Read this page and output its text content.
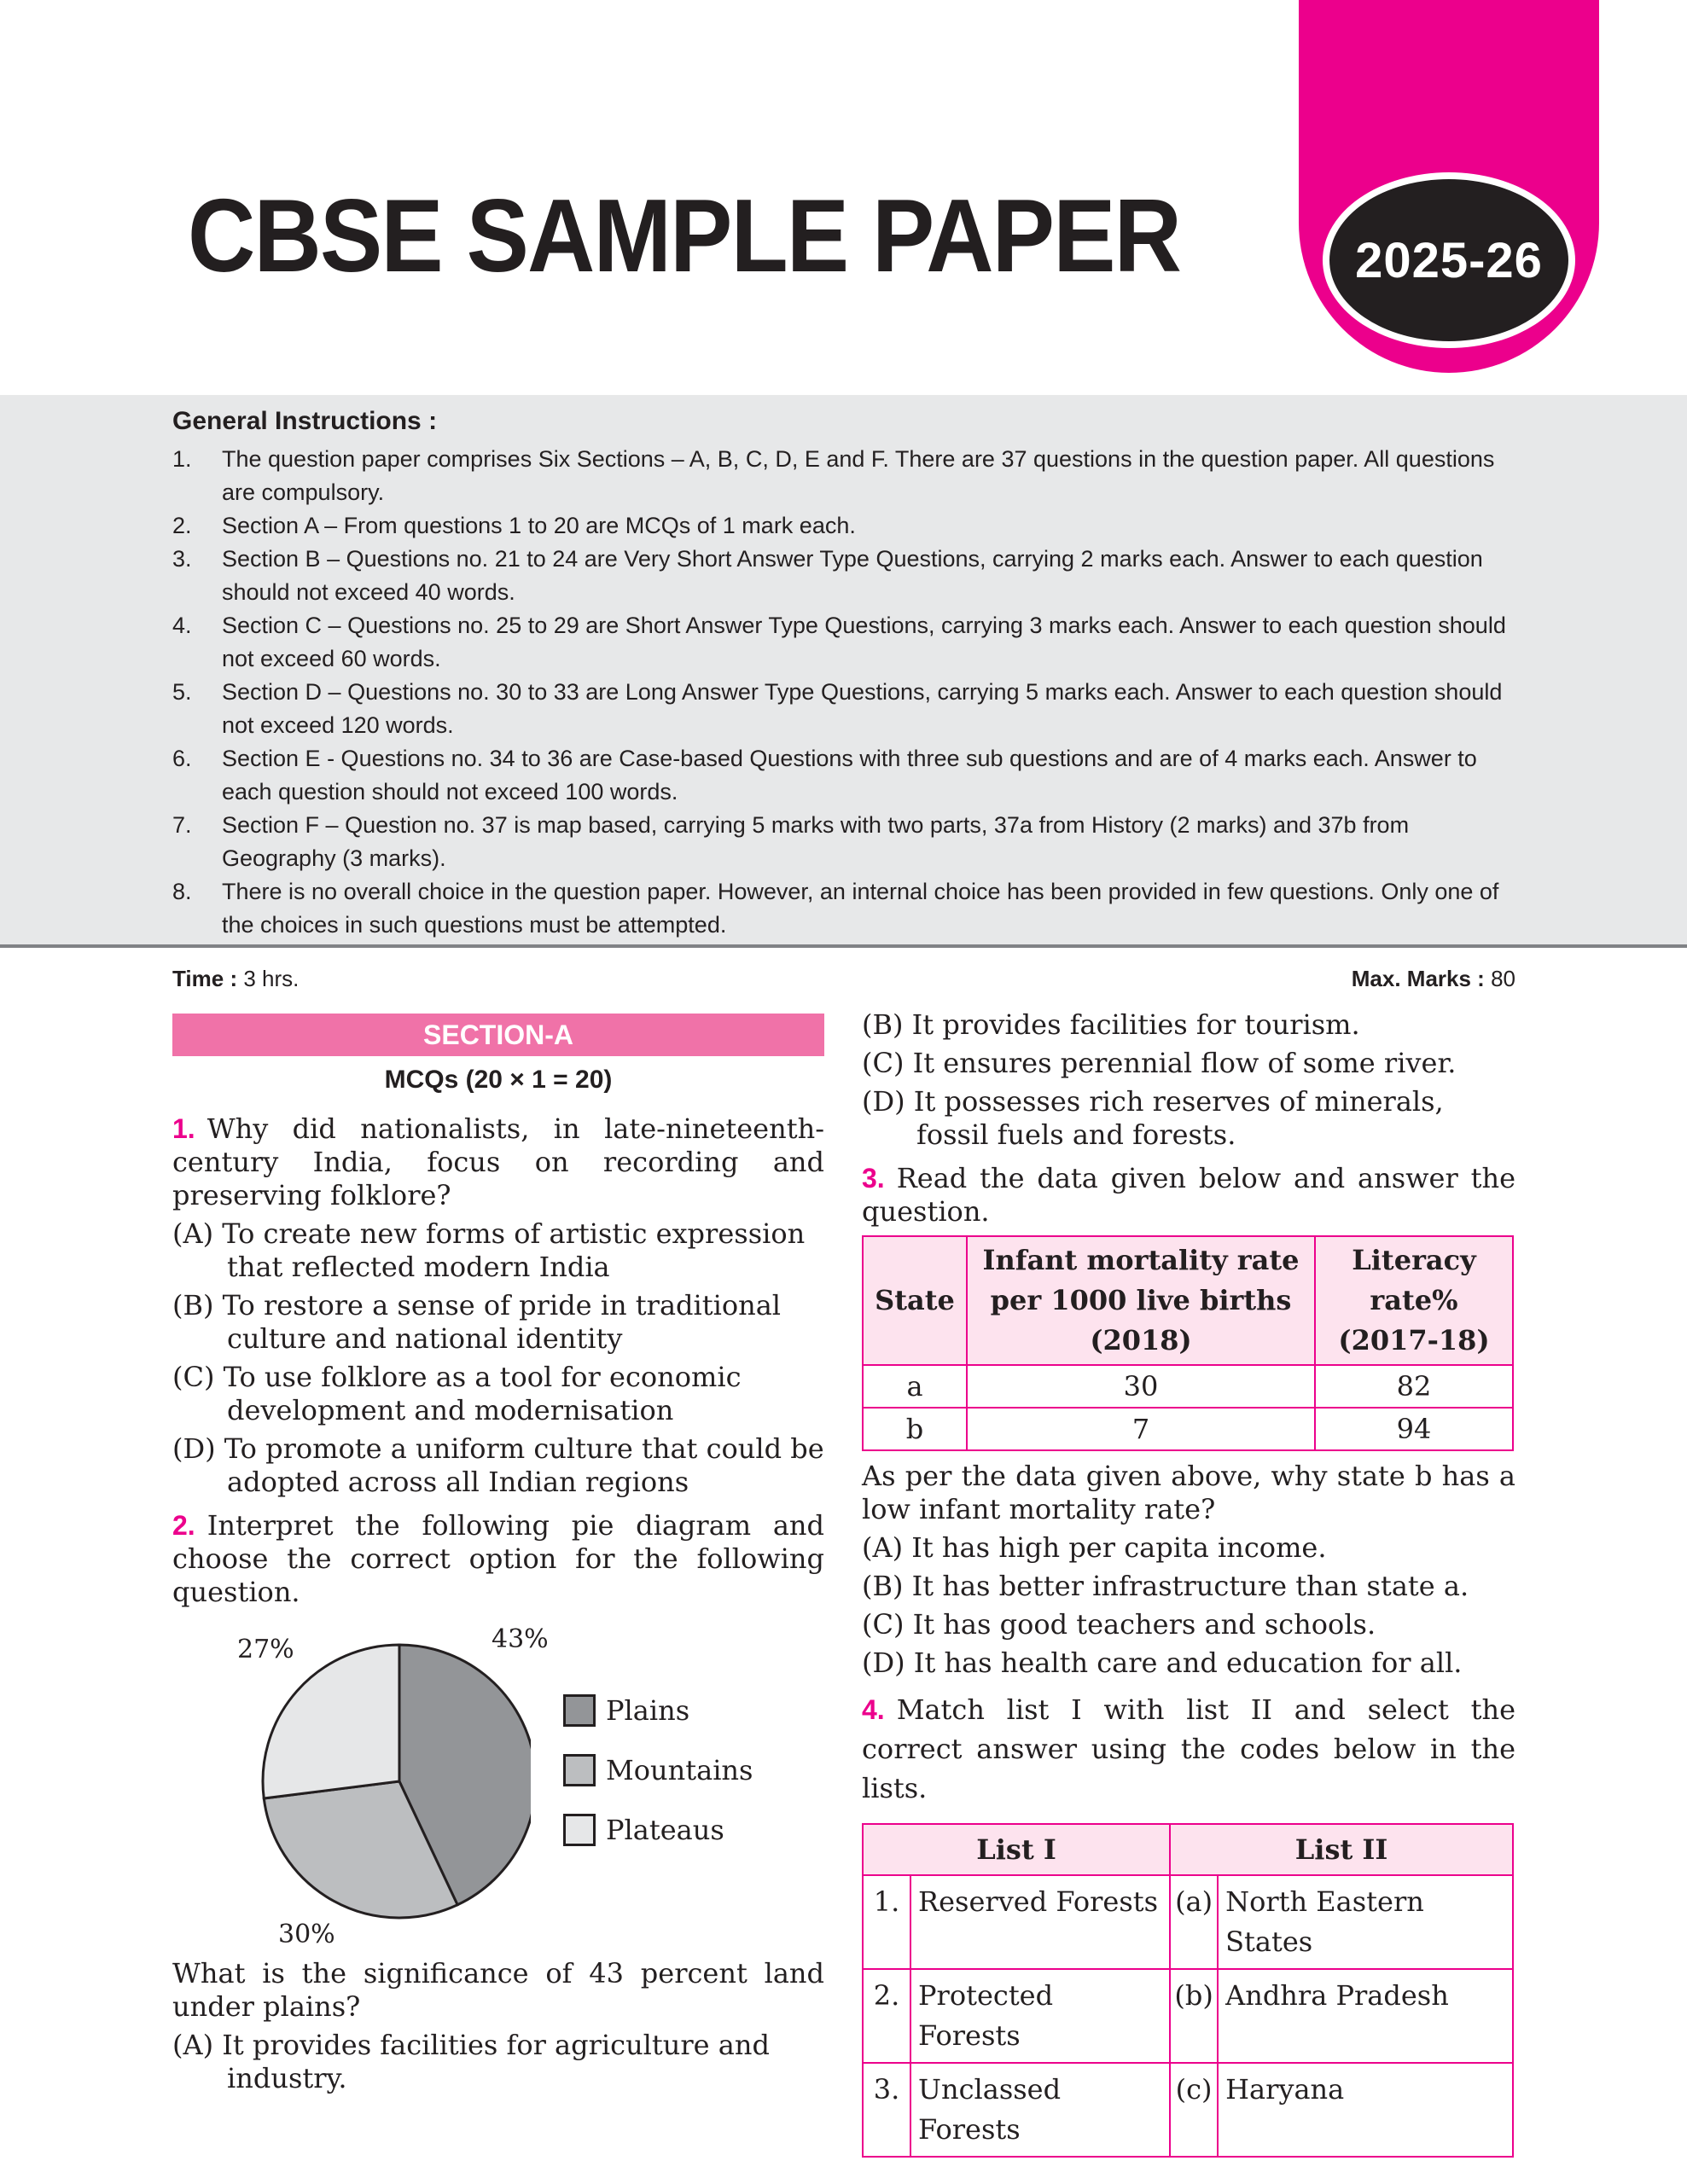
2025-26
CBSE SAMPLE PAPER

General Instructions :

1. The question paper comprises Six Sections – A, B, C, D, E and F. There are 37 questions in the question paper. All questions are compulsory.
2. Section A – From questions 1 to 20 are MCQs of 1 mark each.
3. Section B – Questions no. 21 to 24 are Very Short Answer Type Questions, carrying 2 marks each. Answer to each question should not exceed 40 words.
4. Section C – Questions no. 25 to 29 are Short Answer Type Questions, carrying 3 marks each. Answer to each question should not exceed 60 words.
5. Section D – Questions no. 30 to 33 are Long Answer Type Questions, carrying 5 marks each. Answer to each question should not exceed 120 words.
6. Section E - Questions no. 34 to 36 are Case-based Questions with three sub questions and are of 4 marks each. Answer to each question should not exceed 100 words.
7. Section F – Question no. 37 is map based, carrying 5 marks with two parts, 37a from History (2 marks) and 37b from Geography (3 marks).
8. There is no overall choice in the question paper. However, an internal choice has been provided in few questions. Only one of the choices in such questions must be attempted.
Time : 3 hrs.	Max. Marks : 80
SECTION-A
MCQs (20 × 1 = 20)

1. Why did nationalists, in late-nineteenth-century India, focus on recording and preserving folklore?

(A) To create new forms of artistic expression that reflected modern India

(B) To restore a sense of pride in traditional culture and national identity

(C) To use folklore as a tool for economic development and modernisation

(D) To promote a uniform culture that could be adopted across all Indian regions

2. Interpret the following pie diagram and choose the correct option for the following question.

43%
30%
27%
Plains
Mountains
Plateaus

What is the significance of 43 percent land under plains?

(A) It provides facilities for agriculture and industry.

(B) It provides facilities for tourism.

(C) It ensures perennial flow of some river.

(D) It possesses rich reserves of minerals, fossil fuels and forests.

3. Read the data given below and answer the question.

State	Infant mortality rate per 1000 live births (2018)	Literacy rate% (2017-18)
a	30	82
b	7	94

As per the data given above, why state b has a low infant mortality rate?

(A) It has high per capita income.

(B) It has better infrastructure than state a.

(C) It has good teachers and schools.

(D) It has health care and education for all.

4. Match list I with list II and select the correct answer using the codes below in the lists.

List I		List II	
1.	Reserved Forests	(a)	North Eastern States
2.	Protected Forests	(b)	Andhra Pradesh
3.	Unclassed Forests	(c)	Haryana
